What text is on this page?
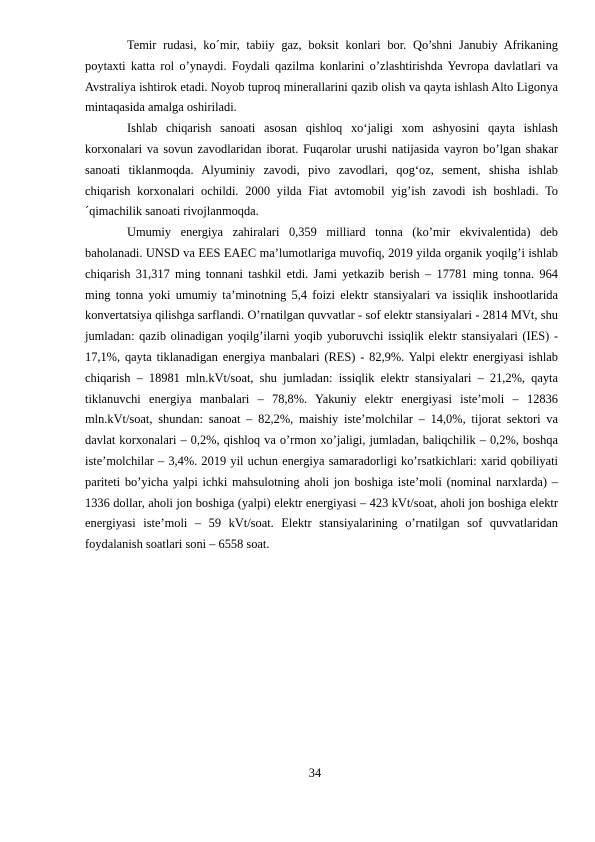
Temir rudasi, ko´mir, tabiiy gaz, boksit konlari bor. Qo’shni Janubiy Afrikaning poytaxti katta rol o’ynaydi. Foydali qazilma konlarini o’zlashtirishda Yevropa davlatlari va Avstraliya ishtirok etadi. Noyob tuproq minerallarini qazib olish va qayta ishlash Alto Ligonya mintaqasida amalga oshiriladi.

Ishlab chiqarish sanoati asosan qishloq xo‘jaligi xom ashyosini qayta ishlash korxonalari va sovun zavodlaridan iborat. Fuqarolar urushi natijasida vayron bo’lgan shakar sanoati tiklanmoqda. Alyuminiy zavodi, pivo zavodlari, qog‘oz, sement, shisha ishlab chiqarish korxonalari ochildi. 2000 yilda Fiat avtomobil yig’ish zavodi ish boshladi. To´qimachilik sanoati rivojlanmoqda.

Umumiy energiya zahiralari 0,359 milliard tonna (ko’mir ekvivalentida) deb baholanadi. UNSD va EES EAEC ma’lumotlariga muvofiq, 2019 yilda organik yoqilg’i ishlab chiqarish 31,317 ming tonnani tashkil etdi. Jami yetkazib berish – 17781 ming tonna. 964 ming tonna yoki umumiy ta’minotning 5,4 foizi elektr stansiyalari va issiqlik inshootlarida konvertatsiya qilishga sarflandi. O’rnatilgan quvvatlar - sof elektr stansiyalari - 2814 MVt, shu jumladan: qazib olinadigan yoqilg’ilarni yoqib yuboruvchi issiqlik elektr stansiyalari (IES) - 17,1%, qayta tiklanadigan energiya manbalari (RES) - 82,9%. Yalpi elektr energiyasi ishlab chiqarish – 18981 mln.kVt/soat, shu jumladan: issiqlik elektr stansiyalari – 21,2%, qayta tiklanuvchi energiya manbalari – 78,8%. Yakuniy elektr energiyasi iste’moli – 12836 mln.kVt/soat, shundan: sanoat – 82,2%, maishiy iste’molchilar – 14,0%, tijorat sektori va davlat korxonalari – 0,2%, qishloq va o’rmon xo’jaligi, jumladan, baliqchilik – 0,2%, boshqa iste’molchilar – 3,4%. 2019 yil uchun energiya samaradorligi ko’rsatkichlari: xarid qobiliyati pariteti bo’yicha yalpi ichki mahsulotning aholi jon boshiga iste’moli (nominal narxlarda) – 1336 dollar, aholi jon boshiga (yalpi) elektr energiyasi – 423 kVt/soat, aholi jon boshiga elektr energiyasi iste’moli – 59 kVt/soat. Elektr stansiyalarining o’rnatilgan sof quvvatlaridan foydalanish soatlari soni – 6558 soat.

34
